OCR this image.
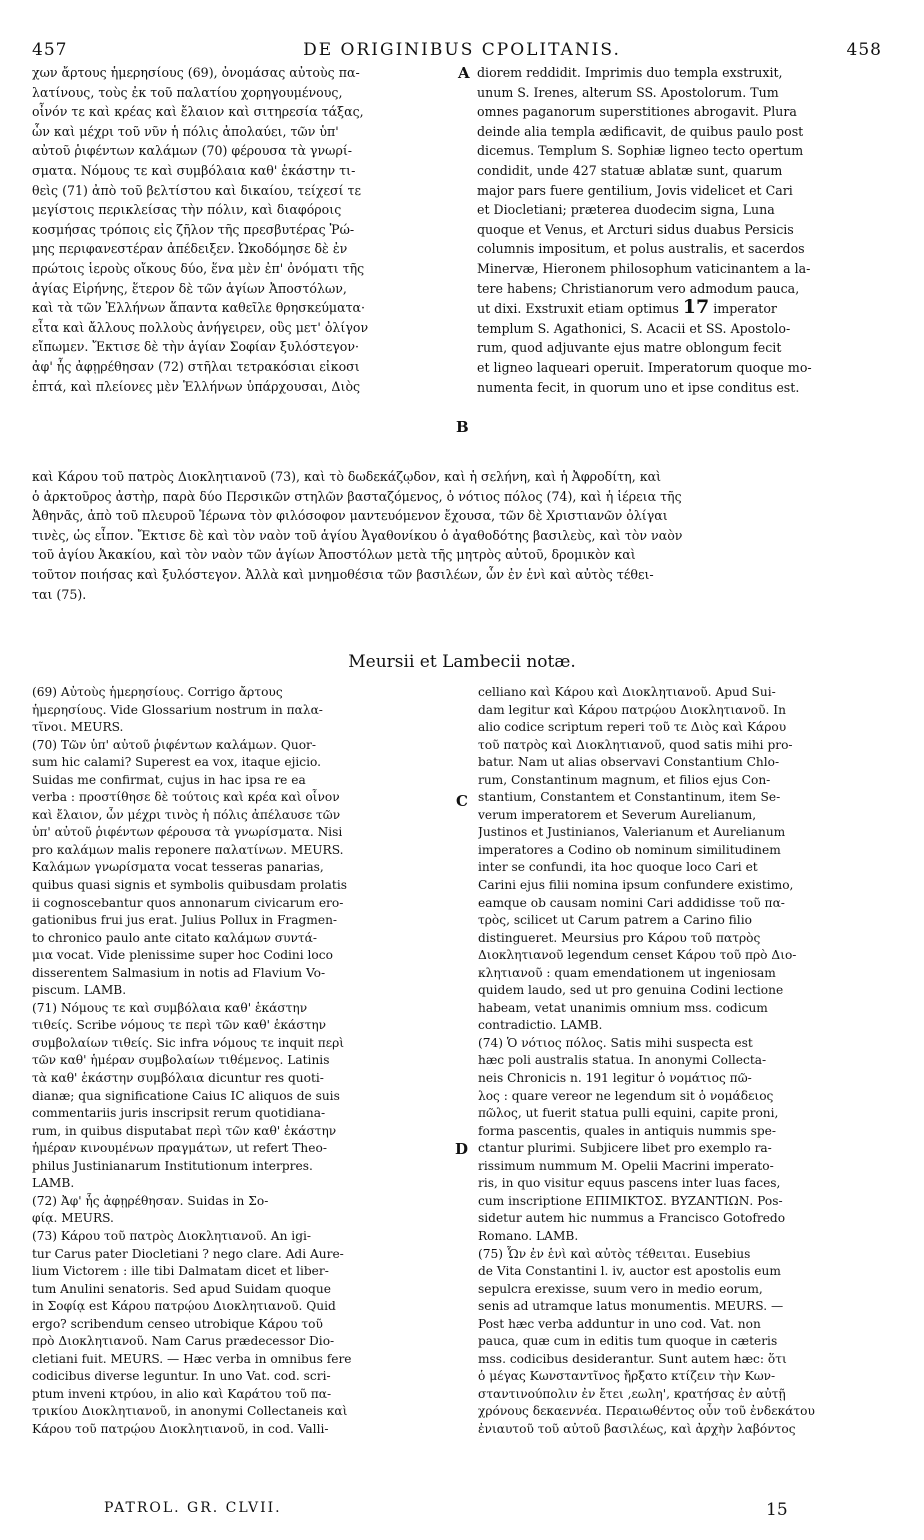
457	DE ORIGINIBUS CPOLITANIS.	458
χων ἄρτους ἡμερησίους (69), ὀνομάσας αὐτοὺς πα-
λατίνους, τοὺς ἐκ τοῦ παλατίου χορηγουμένους,
οἶνόν τε καὶ κρέας καὶ ἔλαιον καὶ σιτηρεσία τάξας,
ὧν καὶ μέχρι τοῦ νῦν ἡ πόλις ἀπολαύει, τῶν ὑπ'
αὐτοῦ ῥιφέντων καλάμων (70) φέρουσα τὰ γνωρί-
σματα. Νόμους τε καὶ συμβόλαια καθ' ἑκάστην τι-
θεὶς (71) ἀπὸ τοῦ βελτίστου καὶ δικαίου, τείχεσί τε
μεγίστοις περικλείσας τὴν πόλιν, καὶ διαφόροις
κοσμήσας τρόποις εἰς ζῆλον τῆς πρεσβυτέρας Ῥώ-
μης περιφανεστέραν ἀπέδειξεν. Ὠκοδόμησε δὲ ἐν
πρώτοις ἱεροὺς οἴκους δύο, ἕνα μὲν ἐπ' ὀνόματι τῆς
ἁγίας Εἰρήνης, ἕτερον δὲ τῶν ἁγίων Ἀποστόλων,
καὶ τὰ τῶν Ἑλλήνων ἅπαντα καθεῖλε θρησκεύματα·
εἶτα καὶ ἄλλους πολλοὺς ἀνήγειρεν, οὓς μετ' ὀλίγον
εἴπωμεν. Ἔκτισε δὲ τὴν ἁγίαν Σοφίαν ξυλόστεγον·
ἀφ' ἧς ἀφῃρέθησαν (72) στῆλαι τετρακόσιαι εἰκοσι
ἑπτά, καὶ πλείονες μὲν Ἑλλήνων ὑπάρχουσαι, Διὸς
A
B
diorem reddidit. Imprimis duo templa exstruxit,
unum S. Irenes, alterum SS. Apostolorum. Tum
omnes paganorum superstitiones abrogavit. Plura
deinde alia templa ædificavit, de quibus paulo post
dicemus. Templum S. Sophiæ ligneo tecto opertum
condidit, unde 427 statuæ ablatæ sunt, quarum
major pars fuere gentilium, Jovis videlicet et Cari
et Diocletiani; præterea duodecim signa, Luna
quoque et Venus, et Arcturi sidus duabus Persicis
columnis impositum, et polus australis, et sacerdos
Minervæ, Hieronem philosophum vaticinantem a la-
tere habens; Christianorum vero admodum pauca,
ut dixi. Exstruxit etiam optimus 17 imperator
templum S. Agathonici, S. Acacii et SS. Apostolo-
rum, quod adjuvante ejus matre oblongum fecit
et ligneo laqueari operuit. Imperatorum quoque mo-
numenta fecit, in quorum uno et ipse conditus est.
καὶ Κάρου τοῦ πατρὸς Διοκλητιανοῦ (73), καὶ τὸ δωδεκάζῳδον, καὶ ἡ σελήνη, καὶ ἡ Ἀφροδίτη, καὶ
ὁ ἀρκτοῦρος ἀστὴρ, παρὰ δύο Περσικῶν στηλῶν βασταζόμενος, ὁ νότιος πόλος (74), καὶ ἡ ἱέρεια τῆς
Ἀθηνᾶς, ἀπὸ τοῦ πλευροῦ Ἱέρωνα τὸν φιλόσοφον μαντευόμενον ἔχουσα, τῶν δὲ Χριστιανῶν ὀλίγαι
τινὲς, ὡς εἶπον. Ἔκτισε δὲ καὶ τὸν ναὸν τοῦ ἁγίου Ἀγαθονίκου ὁ ἀγαθοδότης βασιλεὺς, καὶ τὸν ναὸν
τοῦ ἁγίου Ἀκακίου, καὶ τὸν ναὸν τῶν ἁγίων Ἀποστόλων μετὰ τῆς μητρὸς αὐτοῦ, δρομικὸν καὶ
τοῦτον ποιήσας καὶ ξυλόστεγον. Ἀλλὰ καὶ μνημοθέσια τῶν βασιλέων, ὧν ἐν ἑνὶ καὶ αὐτὸς τέθει-
ται (75).
Meursii et Lambecii notæ.
(69) Αὐτοὺς ἡμερησίους. Corrigo ἄρτους
ἡμερησίους. Vide Glossarium nostrum in παλα-
τῖνοι. MEURS.
(70) Τῶν ὑπ' αὐτοῦ ῥιφέντων καλάμων. Quor-
sum hic calami? Superest ea vox, itaque ejicio.
Suidas me confirmat, cujus in hac ipsa re ea
verba : προστίθησε δὲ τούτοις καὶ κρέα καὶ οἶνον
καὶ ἔλαιον, ὧν μέχρι τινὸς ἡ πόλις ἀπέλαυσε τῶν
ὑπ' αὐτοῦ ῥιφέντων φέρουσα τὰ γνωρίσματα. Nisi
pro καλάμων malis reponere παλατίνων. MEURS.
Καλάμων γνωρίσματα vocat tesseras panarias,
quibus quasi signis et symbolis quibusdam prolatis
ii cognoscebantur quos annonarum civicarum ero-
gationibus frui jus erat. Julius Pollux in Fragmen-
to chronico paulo ante citato καλάμων συντά-
μια vocat. Vide plenissime super hoc Codini loco
disserentem Salmasium in notis ad Flavium Vo-
piscum. LAMB.
(71) Νόμους τε καὶ συμβόλαια καθ' ἑκάστην
τιθείς. Scribe νόμους τε περὶ τῶν καθ' ἑκάστην
συμβολαίων τιθείς. Sic infra νόμους τε inquit περὶ
τῶν καθ' ἡμέραν συμβολαίων τιθέμενος. Latinis
τὰ καθ' ἑκάστην συμβόλαια dicuntur res quoti-
dianæ; qua significatione Caius IC aliquos de suis
commentariis juris inscripsit rerum quotidiana-
rum, in quibus disputabat περὶ τῶν καθ' ἑκάστην
ἡμέραν κινουμένων πραγμάτων, ut refert Theo-
philus Justinianarum Institutionum interpres.
LAMB.
(72) Ἀφ' ἧς ἀφῃρέθησαν. Suidas in Σο-
φίᾳ. MEURS.
(73) Κάρου τοῦ πατρὸς Διοκλητιανοῦ. An igi-
tur Carus pater Diocletiani ? nego clare. Adi Aure-
lium Victorem : ille tibi Dalmatam dicet et liber-
tum Anulini senatoris. Sed apud Suidam quoque
in Σοφίᾳ est Κάρου πατρῴου Διοκλητιανοῦ. Quid
ergo? scribendum censeo utrobique Κάρου τοῦ
πρὸ Διοκλητιανοῦ. Nam Carus prædecessor Dio-
cletiani fuit. MEURS. — Hæc verba in omnibus fere
codicibus diverse leguntur. In uno Vat. cod. scri-
ptum inveni κτρύου, in alio καὶ Καράτου τοῦ πα-
τρικίου Διοκλητιανοῦ, in anonymi Collectaneis καὶ
Κάρου τοῦ πατρῴου Διοκλητιανοῦ, in cod. Valli-
C
D
celliano καὶ Κάρου καὶ Διοκλητιανοῦ. Apud Sui-
dam legitur καὶ Κάρου πατρῴου Διοκλητιανοῦ. In
alio codice scriptum reperi τοῦ τε Διὸς καὶ Κάρου
τοῦ πατρὸς καὶ Διοκλητιανοῦ, quod satis mihi pro-
batur. Nam ut alias observavi Constantium Chlo-
rum, Constantinum magnum, et filios ejus Con-
stantium, Constantem et Constantinum, item Se-
verum imperatorem et Severum Aurelianum,
Justinos et Justinianos, Valerianum et Aurelianum
imperatores a Codino ob nominum similitudinem
inter se confundi, ita hoc quoque loco Cari et
Carini ejus filii nomina ipsum confundere existimo,
eamque ob causam nomini Cari addidisse τοῦ πα-
τρὸς, scilicet ut Carum patrem a Carino filio
distingueret. Meursius pro Κάρου τοῦ πατρὸς
Διοκλητιανοῦ legendum censet Κάρου τοῦ πρὸ Διο-
κλητιανοῦ : quam emendationem ut ingeniosam
quidem laudo, sed ut pro genuina Codini lectione
habeam, vetat unanimis omnium mss. codicum
contradictio. LAMB.
(74) Ὁ νότιος πόλος. Satis mihi suspecta est
hæc poli australis statua. In anonymi Collecta-
neis Chronicis n. 191 legitur ὁ νομάτιος πῶ-
λος : quare vereor ne legendum sit ὁ νομάδειος
πῶλος, ut fuerit statua pulli equini, capite proni,
forma pascentis, quales in antiquis nummis spe-
ctantur plurimi. Subjicere libet pro exemplo ra-
rissimum nummum M. Opelii Macrini imperato-
ris, in quo visitur equus pascens inter luas faces,
cum inscriptione ΕΠΙΜΙΚΤΟΣ. ΒΥΖΑΝΤΙΩΝ. Pos-
sidetur autem hic nummus a Francisco Gotofredo
Romano. LAMB.
(75) Ὧν ἐν ἑνὶ καὶ αὐτὸς τέθειται. Eusebius
de Vita Constantini l. iv, auctor est apostolis eum
sepulcra erexisse, suum vero in medio eorum,
senis ad utramque latus monumentis. MEURS. —
Post hæc verba adduntur in uno cod. Vat. non
pauca, quæ cum in editis tum quoque in cæteris
mss. codicibus desiderantur. Sunt autem hæc: ὅτι
ὁ μέγας Κωνσταντῖνος ἤρξατο κτίζειν τὴν Κων-
σταντινούπολιν ἐν ἔτει ,εωλη', κρατήσας ἐν αὐτῇ
χρόνους δεκαεννέα. Περαιωθέντος οὖν τοῦ ἐνδεκάτου
ἐνιαυτοῦ τοῦ αὐτοῦ βασιλέως, καὶ ἀρχὴν λαβόντος
PATROL. GR. CLVII.	15
